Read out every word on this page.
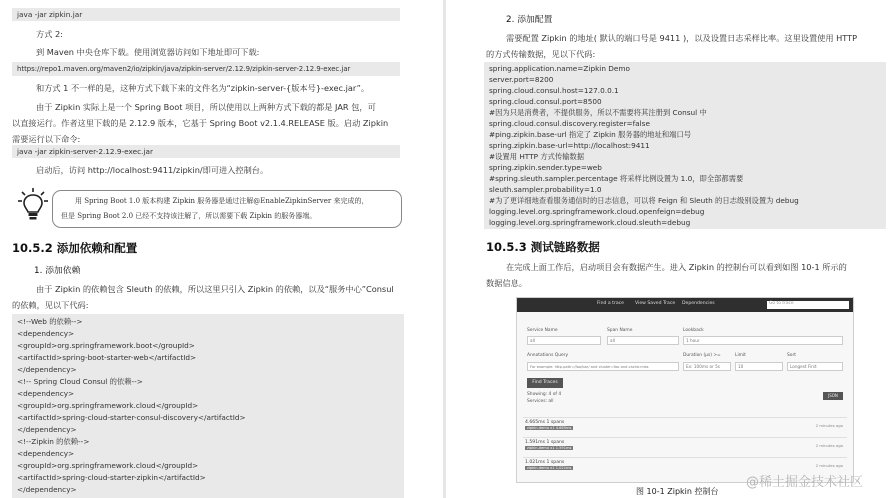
java -jar zipkin.jar
方式 2:
到 Maven 中央仓库下载。使用浏览器访问如下地址即可下载:
https://repo1.maven.org/maven2/io/zipkin/java/zipkin-server/2.12.9/zipkin-server-2.12.9-exec.jar
和方式 1 不一样的是，这种方式下载下来的文件名为“zipkin-server-{版本号}-exec.jar”。
由于 Zipkin 实际上是一个 Spring Boot 项目，所以使用以上两种方式下载的都是 JAR 包，可
以直接运行。作者这里下载的是 2.12.9 版本，它基于 Spring Boot v2.1.4.RELEASE 版。启动 Zipkin
需要运行以下命令:
java -jar zipkin-server-2.12.9-exec.jar
启动后，访问 http://localhost:9411/zipkin/即可进入控制台。
用 Spring Boot 1.0 版本构建 Zipkin 服务器是通过注解@EnableZipkinServer 来完成的，
但是 Spring Boot 2.0 已经不支持该注解了，所以需要下载 Zipkin 的服务器端。
10.5.2 添加依赖和配置
1. 添加依赖
由于 Zipkin 的依赖包含 Sleuth 的依赖，所以这里只引入 Zipkin 的依赖，以及“服务中心”Consul
的依赖，见以下代码:
<!--Web 的依赖-->
<dependency>
<groupId>org.springframework.boot</groupId>
<artifactId>spring-boot-starter-web</artifactId>
</dependency>
<!-- Spring Cloud Consul 的依赖-->
<dependency>
<groupId>org.springframework.cloud</groupId>
<artifactId>spring-cloud-starter-consul-discovery</artifactId>
</dependency>
<!--Zipkin 的依赖-->
<dependency>
<groupId>org.springframework.cloud</groupId>
<artifactId>spring-cloud-starter-zipkin</artifactId>
</dependency>
2. 添加配置
需要配置 Zipkin 的地址( 默认的端口号是 9411 )，以及设置日志采样比率。这里设置使用 HTTP
的方式传输数据，见以下代码:
spring.application.name=Zipkin Demo
server.port=8200
spring.cloud.consul.host=127.0.0.1
spring.cloud.consul.port=8500
#因为只是消费者，不提供服务，所以不需要将其注册到 Consul 中
spring.cloud.consul.discovery.register=false
#ping.zipkin.base-url 指定了 Zipkin 服务器的地址和端口号
spring.zipkin.base-url=http://localhost:9411
#设置用 HTTP 方式传输数据
spring.zipkin.sender.type=web
#spring.sleuth.sampler.percentage 将采样比例设置为 1.0，即全部都需要
sleuth.sampler.probability=1.0
#为了更详细地查看服务通信时的日志信息，可以将 Feign 和 Sleuth 的日志级别设置为 debug
logging.level.org.springframework.cloud.openfeign=debug
logging.level.org.springframework.cloud.sleuth=debug
10.5.3 测试链路数据
在完成上面工作后，启动项目会有数据产生。进入 Zipkin 的控制台可以看到如图 10-1 所示的
数据信息。
Find a trace View Saved Trace Dependencies	Go to trace
Service Name	Span Name	Lookback
all	all	1 hour
Annotations Query	Duration (μs) >=	Limit	Sort
For example: http.path=/foo/bar/ and cluster=foo and cache.miss	Ex: 100ms or 5s	10	Longest First
Find Traces
Showing: 4 of 4
Services: all
JSON
4.665ms 1 spans
zipkin-demo x1 4.665ms	2 minutes ago
1.591ms 1 spans
zipkin-demo x1 1.591ms	2 minutes ago
1.021ms 1 spans
zipkin-demo x1 1.021ms	2 minutes ago
图 10-1 Zipkin 控制台
@稀土掘金技术社区
